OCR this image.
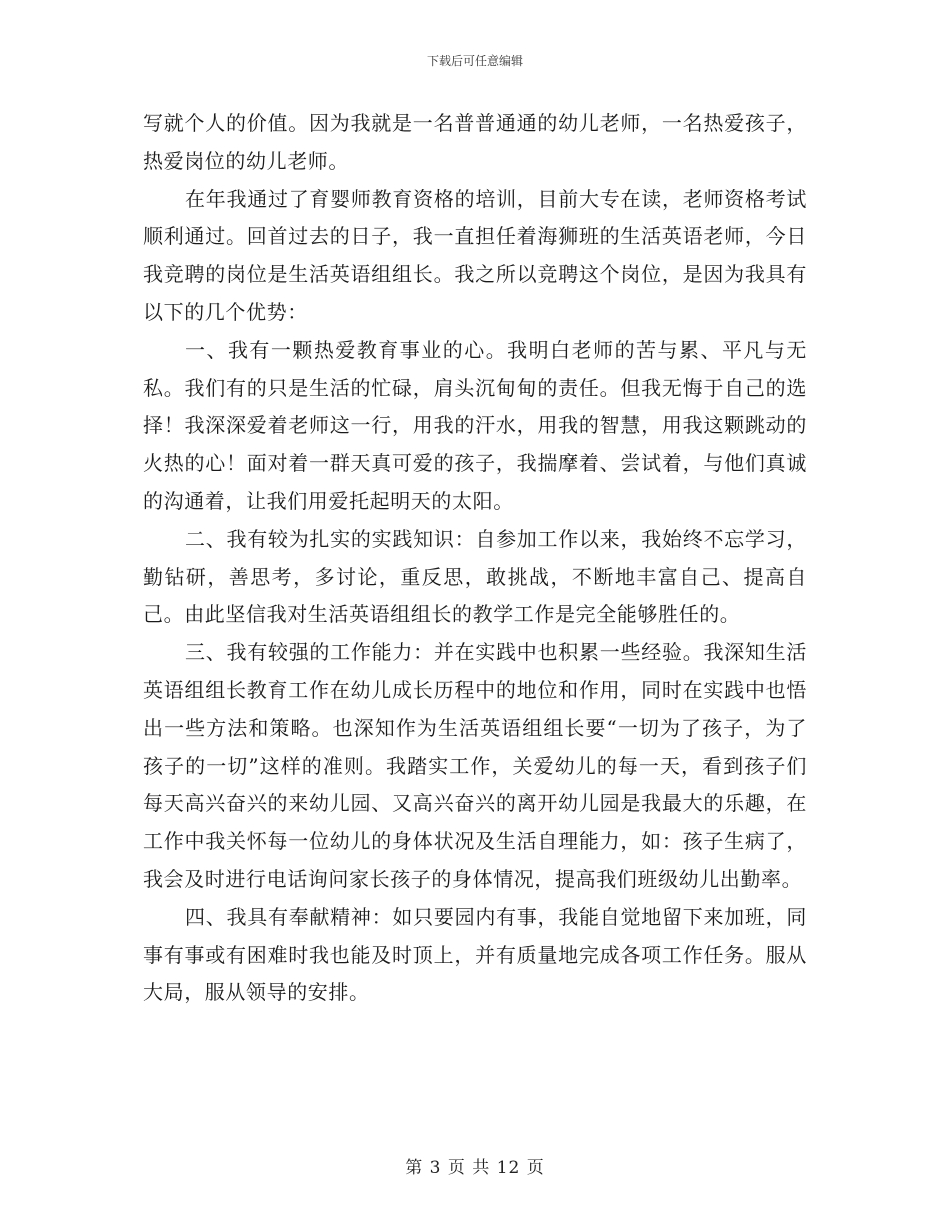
下载后可任意编辑

写就个人的价值。因为我就是一名普普通通的幼儿老师，一名热爱孩子，热爱岗位的幼儿老师。

在年我通过了育婴师教育资格的培训，目前大专在读，老师资格考试顺利通过。回首过去的日子，我一直担任着海狮班的生活英语老师，今日我竞聘的岗位是生活英语组组长。我之所以竞聘这个岗位，是因为我具有以下的几个优势：

一、我有一颗热爱教育事业的心。我明白老师的苦与累、平凡与无私。我们有的只是生活的忙碌，肩头沉甸甸的责任。但我无悔于自己的选择！我深深爱着老师这一行，用我的汗水，用我的智慧，用我这颗跳动的火热的心！面对着一群天真可爱的孩子，我揣摩着、尝试着，与他们真诚的沟通着，让我们用爱托起明天的太阳。

二、我有较为扎实的实践知识：自参加工作以来，我始终不忘学习，勤钻研，善思考，多讨论，重反思，敢挑战，不断地丰富自己、提高自己。由此坚信我对生活英语组组长的教学工作是完全能够胜任的。

三、我有较强的工作能力：并在实践中也积累一些经验。我深知生活英语组组长教育工作在幼儿成长历程中的地位和作用，同时在实践中也悟出一些方法和策略。也深知作为生活英语组组长要“一切为了孩子，为了孩子的一切”这样的准则。我踏实工作，关爱幼儿的每一天，看到孩子们每天高兴奋兴的来幼儿园、又高兴奋兴的离开幼儿园是我最大的乐趣，在工作中我关怀每一位幼儿的身体状况及生活自理能力，如：孩子生病了，我会及时进行电话询问家长孩子的身体情况，提高我们班级幼儿出勤率。

四、我具有奉献精神：如只要园内有事，我能自觉地留下来加班，同事有事或有困难时我也能及时顶上，并有质量地完成各项工作任务。服从大局，服从领导的安排。

第 3 页 共 12 页
